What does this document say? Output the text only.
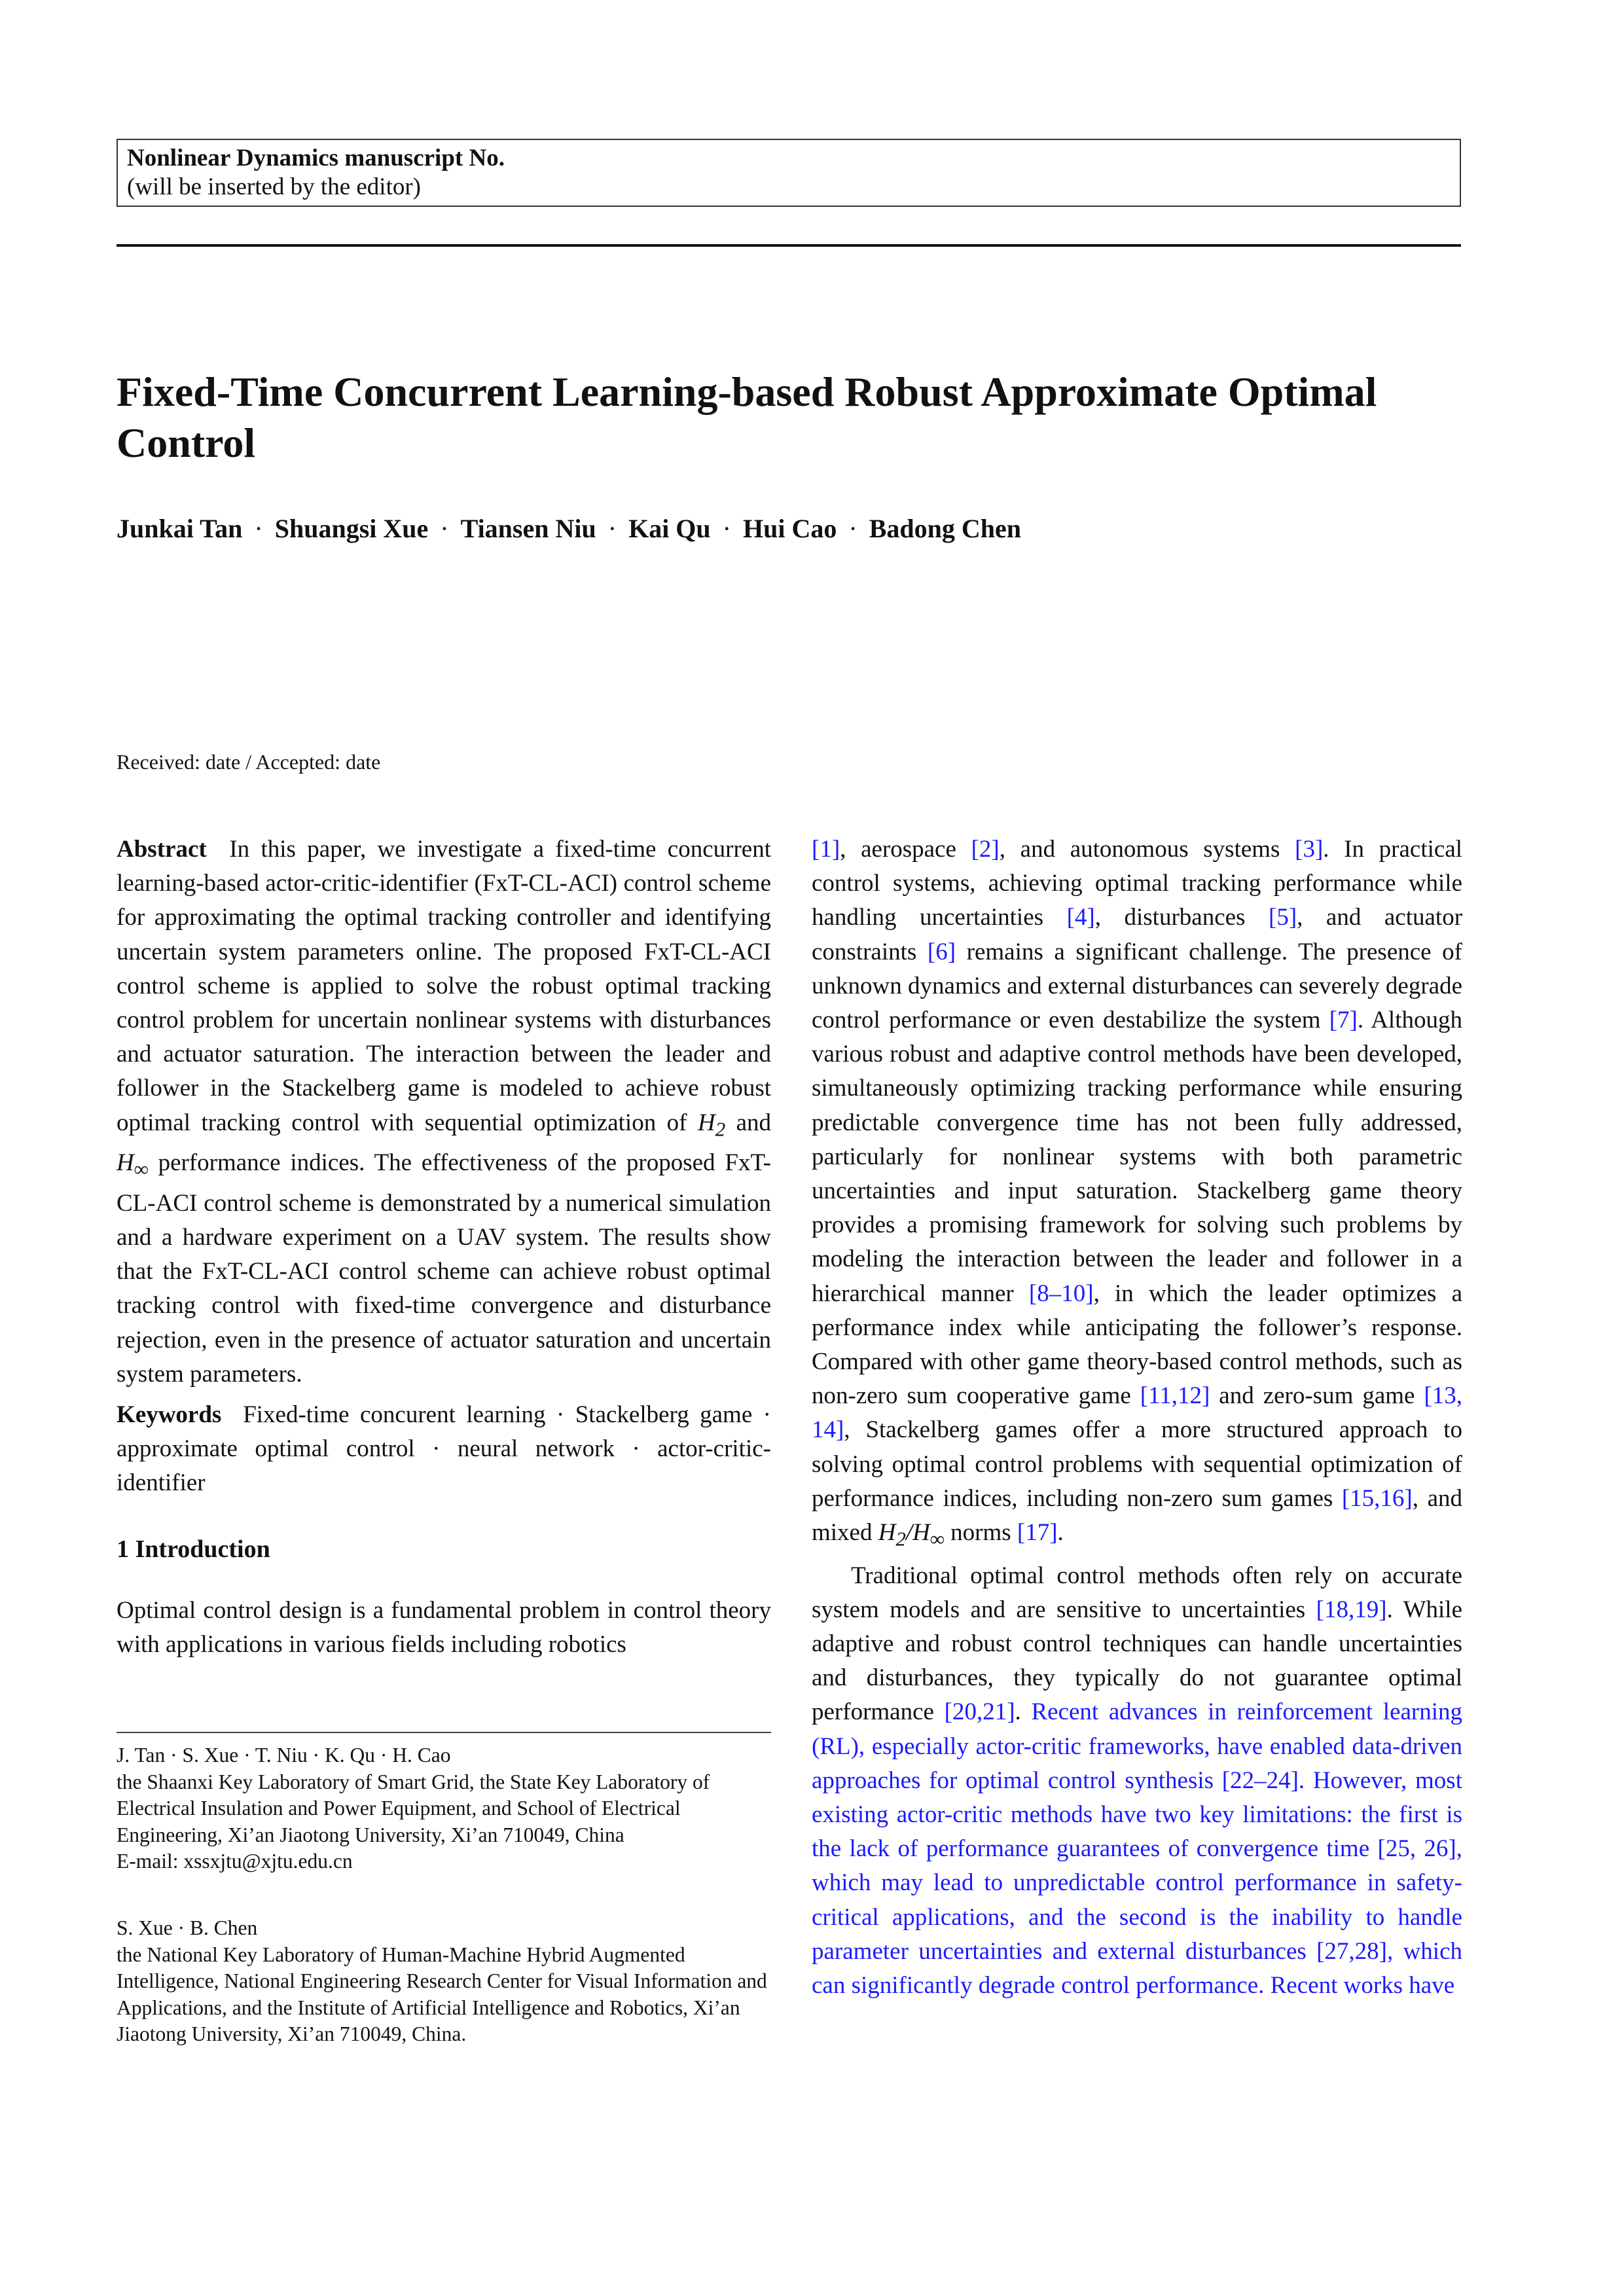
Nonlinear Dynamics manuscript No.
(will be inserted by the editor)
Fixed-Time Concurrent Learning-based Robust Approximate Optimal Control
Junkai Tan · Shuangsi Xue · Tiansen Niu · Kai Qu · Hui Cao · Badong Chen
Received: date / Accepted: date

Abstract In this paper, we investigate a fixed-time concurrent learning-based actor-critic-identifier (FxT-CL-ACI) control scheme for approximating the optimal tracking controller and identifying uncertain system parameters online. The proposed FxT-CL-ACI control scheme is applied to solve the robust optimal tracking control problem for uncertain nonlinear systems with disturbances and actuator saturation. The interaction between the leader and follower in the Stackelberg game is modeled to achieve robust optimal tracking control with sequential optimization of $H_2$ and $H_\infty$ performance indices. The effectiveness of the proposed FxT-CL-ACI control scheme is demonstrated by a numerical simulation and a hardware experiment on a UAV system. The results show that the FxT-CL-ACI control scheme can achieve robust optimal tracking control with fixed-time convergence and disturbance rejection, even in the presence of actuator saturation and uncertain system parameters.

Keywords Fixed-time concurent learning · Stackelberg game · approximate optimal control · neural network · actor-critic-identifier

1 Introduction

Optimal control design is a fundamental problem in control theory with applications in various fields including robotics

J. Tan · S. Xue · T. Niu · K. Qu · H. Cao

the Shaanxi Key Laboratory of Smart Grid, the State Key Laboratory of Electrical Insulation and Power Equipment, and School of Electrical Engineering, Xi’an Jiaotong University, Xi’an 710049, China

E-mail: xssxjtu@xjtu.edu.cn

S. Xue · B. Chen

the National Key Laboratory of Human-Machine Hybrid Augmented Intelligence, National Engineering Research Center for Visual Information and Applications, and the Institute of Artificial Intelligence and Robotics, Xi’an Jiaotong University, Xi’an 710049, China.

[1], aerospace [2], and autonomous systems [3]. In practical control systems, achieving optimal tracking performance while handling uncertainties [4], disturbances [5], and actuator constraints [6] remains a significant challenge. The presence of unknown dynamics and external disturbances can severely degrade control performance or even destabilize the system [7]. Although various robust and adaptive control methods have been developed, simultaneously optimizing tracking performance while ensuring predictable convergence time has not been fully addressed, particularly for nonlinear systems with both parametric uncertainties and input saturation. Stackelberg game theory provides a promising framework for solving such problems by modeling the interaction between the leader and follower in a hierarchical manner [8–10], in which the leader optimizes a performance index while anticipating the follower’s response. Compared with other game theory-based control methods, such as non-zero sum cooperative game [11,12] and zero-sum game [13, 14], Stackelberg games offer a more structured approach to solving optimal control problems with sequential optimization of performance indices, including non-zero sum games [15,16], and mixed $H_2/H_\infty$ norms [17].

Traditional optimal control methods often rely on accurate system models and are sensitive to uncertainties [18,19]. While adaptive and robust control techniques can handle uncertainties and disturbances, they typically do not guarantee optimal performance [20,21]. Recent advances in reinforcement learning (RL), especially actor-critic frameworks, have enabled data-driven approaches for optimal control synthesis [22–24]. However, most existing actor-critic methods have two key limitations: the first is the lack of performance guarantees of convergence time [25, 26], which may lead to unpredictable control performance in safety-critical applications, and the second is the inability to handle parameter uncertainties and external disturbances [27,28], which can significantly degrade control performance. Recent works have
